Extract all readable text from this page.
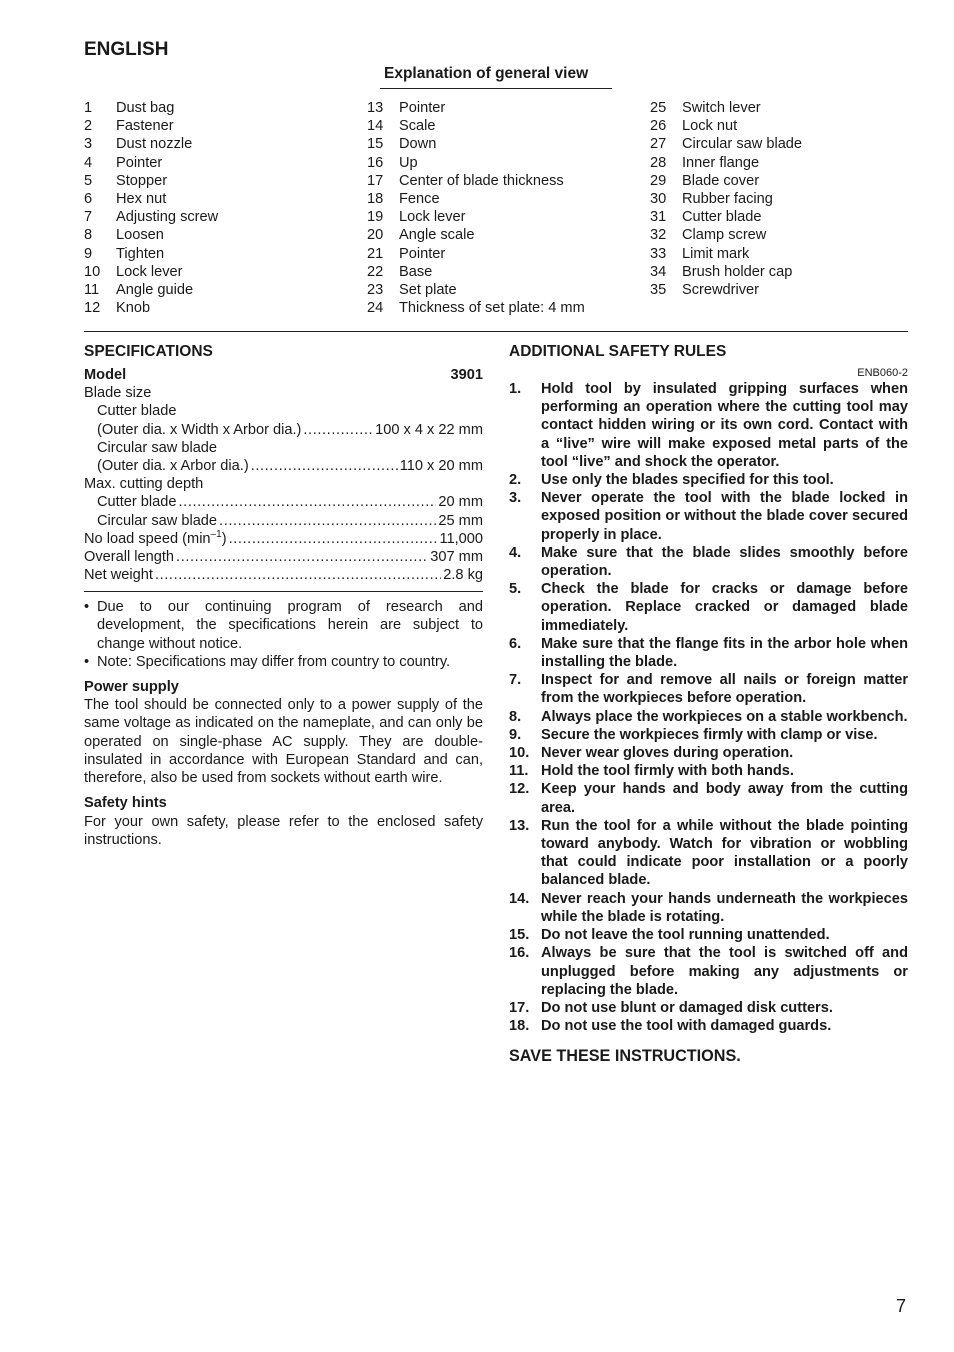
ENGLISH
Explanation of general view
1 Dust bag
2 Fastener
3 Dust nozzle
4 Pointer
5 Stopper
6 Hex nut
7 Adjusting screw
8 Loosen
9 Tighten
10 Lock lever
11 Angle guide
12 Knob
13 Pointer
14 Scale
15 Down
16 Up
17 Center of blade thickness
18 Fence
19 Lock lever
20 Angle scale
21 Pointer
22 Base
23 Set plate
24 Thickness of set plate: 4 mm
25 Switch lever
26 Lock nut
27 Circular saw blade
28 Inner flange
29 Blade cover
30 Rubber facing
31 Cutter blade
32 Clamp screw
33 Limit mark
34 Brush holder cap
35 Screwdriver
SPECIFICATIONS
Model	3901
Blade size
Cutter blade
(Outer dia. x Width x Arbor dia.) .....	100 x 4 x 22 mm
Circular saw blade
(Outer dia. x Arbor dia.) .....	110 x 20 mm
Max. cutting depth
Cutter blade .....	20 mm
Circular saw blade .....	25 mm
No load speed $(\min^{-1})$ .....	11,000
Overall length .....	307 mm
Net weight .....	2.8 kg
• Due to our continuing program of research and development, the specifications herein are subject to change without notice.
• Note: Specifications may differ from country to country.
Power supply
The tool should be connected only to a power supply of the same voltage as indicated on the nameplate, and can only be operated on single-phase AC supply. They are double-insulated in accordance with European Standard and can, therefore, also be used from sockets without earth wire.
Safety hints
For your own safety, please refer to the enclosed safety instructions.
ADDITIONAL SAFETY RULES
ENB060-2
1.	Hold tool by insulated gripping surfaces when performing an operation where the cutting tool may contact hidden wiring or its own cord. Contact with a “live” wire will make exposed metal parts of the tool “live” and shock the operator.
2.	Use only the blades specified for this tool.
3.	Never operate the tool with the blade locked in exposed position or without the blade cover secured properly in place.
4.	Make sure that the blade slides smoothly before operation.
5.	Check the blade for cracks or damage before operation. Replace cracked or damaged blade immediately.
6.	Make sure that the flange fits in the arbor hole when installing the blade.
7.	Inspect for and remove all nails or foreign matter from the workpieces before operation.
8.	Always place the workpieces on a stable workbench.
9.	Secure the workpieces firmly with clamp or vise.
10. Never wear gloves during operation.
11. Hold the tool firmly with both hands.
12. Keep your hands and body away from the cutting area.
13. Run the tool for a while without the blade pointing toward anybody. Watch for vibration or wobbling that could indicate poor installation or a poorly balanced blade.
14. Never reach your hands underneath the workpieces while the blade is rotating.
15. Do not leave the tool running unattended.
16. Always be sure that the tool is switched off and unplugged before making any adjustments or replacing the blade.
17. Do not use blunt or damaged disk cutters.
18. Do not use the tool with damaged guards.
SAVE THESE INSTRUCTIONS.
7
